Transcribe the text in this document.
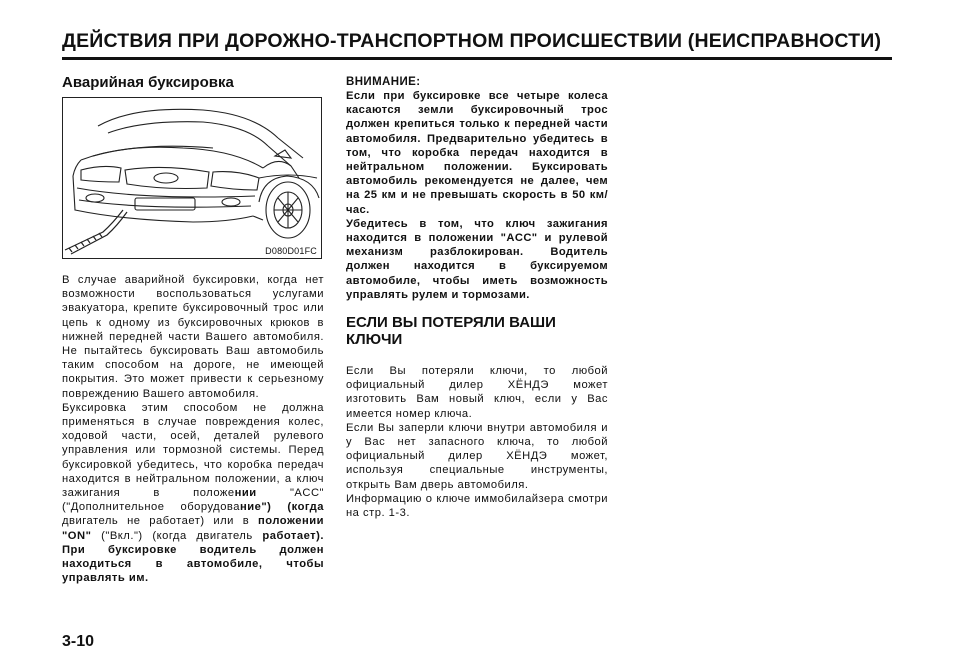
ДЕЙСТВИЯ ПРИ ДОРОЖНО-ТРАНСПОРТНОМ ПРОИСШЕСТВИИ (НЕИСПРАВНОСТИ)
Аварийная буксировка
D080D01FC

В случае аварийной буксировки, когда нет возможности воспользоваться услугами эвакуатора, крепите буксировочный трос или цепь к одному из буксировочных крюков в нижней передней части Вашего автомобиля. Не пытайтесь буксировать Ваш автомобиль таким способом на дороге, не имеющей покрытия. Это может привести к серьезному повреждению Вашего автомобиля.

Буксировка этим способом не должна применяться в случае повреждения колес, ходовой части, осей, деталей рулевого управления или тормозной системы. Перед буксировкой убедитесь, что коробка передач находится в нейтральном положении, а ключ зажигания в положении "ACC" ("Дополнительное оборудование") (когда двигатель не работает) или в положении "ON" ("Вкл.") (когда двигатель работает). При буксировке водитель должен находиться в автомобиле, чтобы управлять им.

ВНИМАНИЕ:

Если при буксировке все четыре колеса касаются земли буксировочный трос должен крепиться только к передней части автомобиля. Предварительно убедитесь в том, что коробка передач находится в нейтральном положении. Буксировать автомобиль рекомендуется не далее, чем на 25 км и не превышать скорость в 50 км/час.

Убедитесь в том, что ключ зажигания находится в положении "ACC" и рулевой механизм разблокирован. Водитель должен находится в буксируемом автомобиле, чтобы иметь возможность управлять рулем и тормозами.

ЕСЛИ ВЫ ПОТЕРЯЛИ ВАШИ КЛЮЧИ

Если Вы потеряли ключи, то любой официальный дилер ХЁНДЭ может изготовить Вам новый ключ, если у Вас имеется номер ключа.

Если Вы заперли ключи внутри автомобиля и у Вас нет запасного ключа, то любой официальный дилер ХЁНДЭ может, используя специальные инструменты, открыть Вам дверь автомобиля.

Информацию о ключе иммобилайзера смотри на стр. 1-3.

3-10
